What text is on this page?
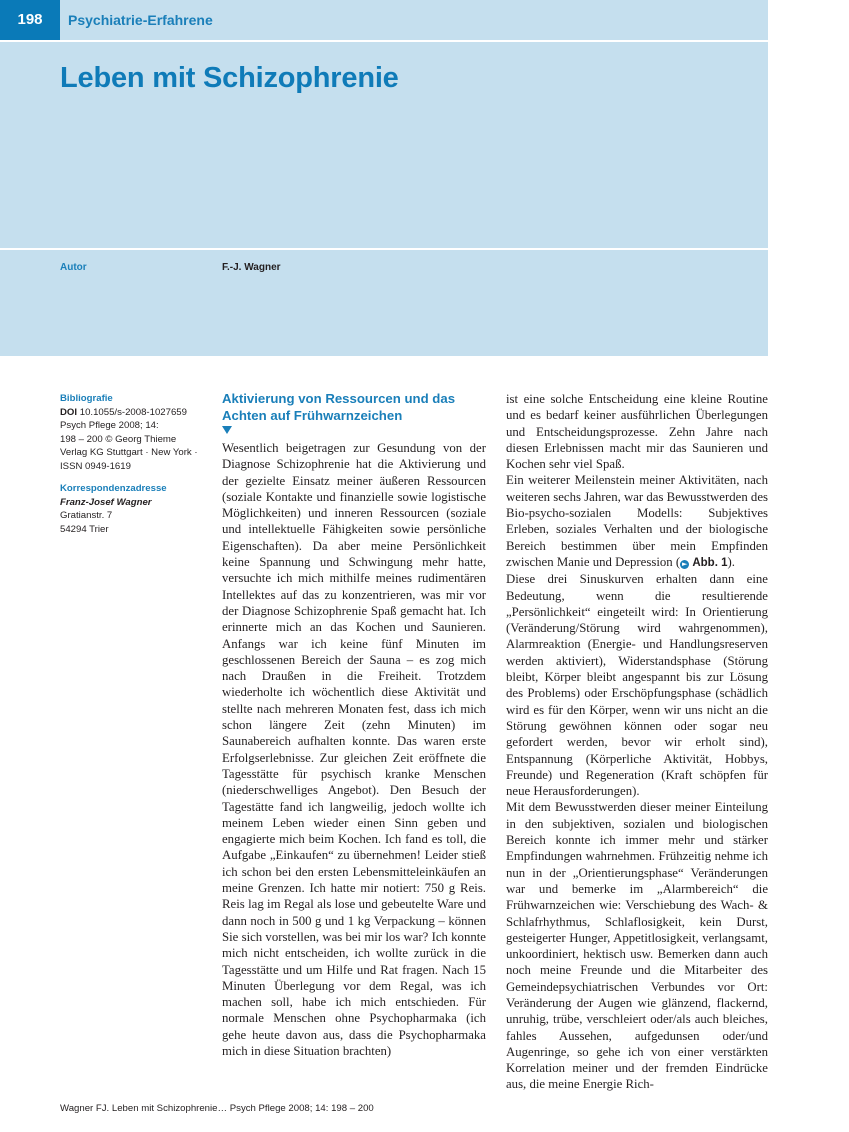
198	Psychiatrie-Erfahrene
Leben mit Schizophrenie
Autor	F.-J. Wagner
Bibliografie
DOI 10.1055/s-2008-1027659
Psych Pflege 2008; 14:
198 – 200 © Georg Thieme
Verlag KG Stuttgart · New York ·
ISSN 0949-1619
Korrespondenzadresse
Franz-Josef Wagner
Gratianstr. 7
54294 Trier
Aktivierung von Ressourcen und das Achten auf Frühwarnzeichen

Wesentlich beigetragen zur Gesundung von der Diagnose Schizophrenie hat die Aktivierung und der gezielte Einsatz meiner äußeren Ressourcen (soziale Kontakte und finanzielle sowie logistische Möglichkeiten) und inneren Ressourcen (soziale und intellektuelle Fähigkeiten sowie persönliche Eigenschaften). Da aber meine Persönlichkeit keine Spannung und Schwingung mehr hatte, versuchte ich mich mithilfe meines rudimentären Intellektes auf das zu konzentrieren, was mir vor der Diagnose Schizophrenie Spaß gemacht hat. Ich erinnerte mich an das Kochen und Saunieren. Anfangs war ich keine fünf Minuten im geschlossenen Bereich der Sauna – es zog mich nach Draußen in die Freiheit. Trotzdem wiederholte ich wöchentlich diese Aktivität und stellte nach mehreren Monaten fest, dass ich mich schon längere Zeit (zehn Minuten) im Saunabereich aufhalten konnte. Das waren erste Erfolgserlebnisse. Zur gleichen Zeit eröffnete die Tagesstätte für psychisch kranke Menschen (niederschwelliges Angebot). Den Besuch der Tagestätte fand ich langweilig, jedoch wollte ich meinem Leben wieder einen Sinn geben und engagierte mich beim Kochen. Ich fand es toll, die Aufgabe „Einkaufen“ zu übernehmen! Leider stieß ich schon bei den ersten Lebensmitteleinkäufen an meine Grenzen. Ich hatte mir notiert: 750 g Reis. Reis lag im Regal als lose und gebeutelte Ware und dann noch in 500 g und 1 kg Verpackung – können Sie sich vorstellen, was bei mir los war? Ich konnte mich nicht entscheiden, ich wollte zurück in die Tagesstätte und um Hilfe und Rat fragen. Nach 15 Minuten Überlegung vor dem Regal, was ich machen soll, habe ich mich entschieden. Für normale Menschen ohne Psychopharmaka (ich gehe heute davon aus, dass die Psychopharmaka mich in diese Situation brachten)

ist eine solche Entscheidung eine kleine Routine und es bedarf keiner ausführlichen Überlegungen und Entscheidungsprozesse. Zehn Jahre nach diesen Erlebnissen macht mir das Saunieren und Kochen sehr viel Spaß.

Ein weiterer Meilenstein meiner Aktivitäten, nach weiteren sechs Jahren, war das Bewusstwerden des Bio-psycho-sozialen Modells: Subjektives Erleben, soziales Verhalten und der biologische Bereich bestimmen über mein Empfinden zwischen Manie und Depression ( ► Abb. 1).

Diese drei Sinuskurven erhalten dann eine Bedeutung, wenn die resultierende „Persönlichkeit“ eingeteilt wird: In Orientierung (Veränderung/Störung wird wahrgenommen), Alarmreaktion (Energie- und Handlungsreserven werden aktiviert), Widerstandsphase (Störung bleibt, Körper bleibt angespannt bis zur Lösung des Problems) oder Erschöpfungsphase (schädlich wird es für den Körper, wenn wir uns nicht an die Störung gewöhnen können oder sogar neu gefordert werden, bevor wir erholt sind), Entspannung (Körperliche Aktivität, Hobbys, Freunde) und Regeneration (Kraft schöpfen für neue Herausforderungen).

Mit dem Bewusstwerden dieser meiner Einteilung in den subjektiven, sozialen und biologischen Bereich konnte ich immer mehr und stärker Empfindungen wahrnehmen. Frühzeitig nehme ich nun in der „Orientierungsphase“ Veränderungen war und bemerke im „Alarmbereich“ die Frühwarnzeichen wie: Verschiebung des Wach- & Schlafrhythmus, Schlaflosigkeit, kein Durst, gesteigerter Hunger, Appetitlosigkeit, verlangsamt, unkoordiniert, hektisch usw. Bemerken dann auch noch meine Freunde und die Mitarbeiter des Gemeindepsychiatrischen Verbundes vor Ort: Veränderung der Augen wie glänzend, flackernd, unruhig, trübe, verschleiert oder/als auch bleiches, fahles Aussehen, aufgedunsen oder/und Augenringe, so gehe ich von einer verstärkten Korrelation meiner und der fremden Eindrücke aus, die meine Energie Rich-

Wagner FJ. Leben mit Schizophrenie… Psych Pflege 2008; 14: 198 – 200
